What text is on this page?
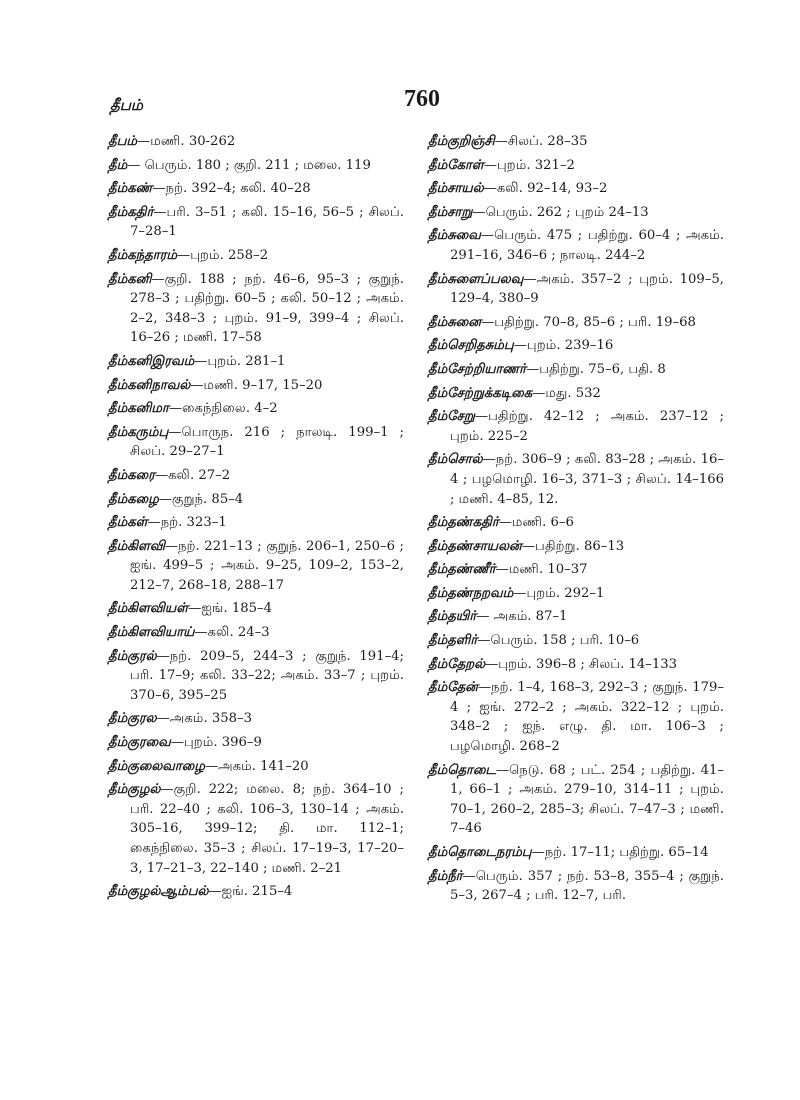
தீபம்	760
தீபம்—மணி. 30-262
தீம்— பெரும். 180 ; குறி. 211 ; மலை. 119
தீம்கண்—நற். 392–4; கலி. 40–28
தீம்கதிர்—பரி. 3–51 ; கலி. 15–16, 56–5 ; சிலப். 7–28–1
தீம்கந்தாரம்—புறம். 258–2
தீம்கனி—குறி. 188 ; நற். 46–6, 95–3 ; குறுந். 278–3 ; பதிற்று. 60–5 ; கலி. 50–12 ; அகம். 2–2, 348–3 ; புறம். 91–9, 399–4 ; சிலப். 16–26 ; மணி. 17–58
தீம்கனிஇரவம்—புறம். 281–1
தீம்கனிநாவல்—மணி. 9–17, 15–20
தீம்கனிமா—கைந்நிலை. 4–2
தீம்கரும்பு—பொருந. 216 ; நாலடி. 199–1 ; சிலப். 29–27–1
தீம்கரை—கலி. 27–2
தீம்கழை—குறுந். 85–4
தீம்கள்—நற். 323–1
தீம்கிளவி—நற். 221–13 ; குறுந். 206–1, 250–6 ; ஐங். 499–5 ; அகம். 9–25, 109–2, 153–2, 212–7, 268–18, 288–17
தீம்கிளவியள்—ஐங். 185–4
தீம்கிளவியாய்—கலி. 24–3
தீம்குரல்—நற். 209–5, 244–3 ; குறுந். 191–4; பரி. 17–9; கலி. 33–22; அகம். 33–7 ; புறம். 370–6, 395–25
தீம்குரல—அகம். 358–3
தீம்குரவை—புறம். 396–9
தீம்குலைவாழை—அகம். 141–20
தீம்குழல்—குறி. 222; மலை. 8; நற். 364–10 ; பரி. 22–40 ; கலி. 106–3, 130–14 ; அகம். 305–16, 399–12; தி. மா. 112–1; கைந்நிலை. 35–3 ; சிலப். 17–19–3, 17–20–3, 17–21–3, 22–140 ; மணி. 2–21
தீம்குழல்ஆம்பல்—ஐங். 215–4
தீம்குறிஞ்சி—சிலப். 28–35
தீம்கோள்—புறம். 321–2
தீம்சாயல்—கலி. 92–14, 93–2
தீம்சாறு—பெரும். 262 ; புறம் 24–13
தீம்சுவை—பெரும். 475 ; பதிற்று. 60–4 ; அகம். 291–16, 346–6 ; நாலடி. 244–2
தீம்சுளைப்பலவு—அகம். 357–2 ; புறம். 109–5, 129–4, 380–9
தீம்சுனை—பதிற்று. 70–8, 85–6 ; பரி. 19–68
தீம்செறிதசும்பு—புறம். 239–16
தீம்சேற்றியாணர்—பதிற்று. 75–6, பதி. 8
தீம்சேற்றுக்கடிகை—மது. 532
தீம்சேறு—பதிற்று. 42–12 ; அகம். 237–12 ; புறம். 225–2
தீம்சொல்—நற். 306–9 ; கலி. 83–28 ; அகம். 16–4 ; பழமொழி. 16–3, 371–3 ; சிலப். 14–166 ; மணி. 4–85, 12.
தீம்தண்கதிர்—மணி. 6–6
தீம்தண்சாயலன்—பதிற்று. 86–13
தீம்தண்ணீர்—மணி. 10–37
தீம்தண்நறவம்—புறம். 292–1
தீம்தயிர்— அகம். 87–1
தீம்தளிர்—பெரும். 158 ; பரி. 10–6
தீம்தேறல்—புறம். 396–8 ; சிலப். 14–133
தீம்தேன்—நற். 1–4, 168–3, 292–3 ; குறுந். 179–4 ; ஐங். 272–2 ; அகம். 322–12 ; புறம். 348–2 ; ஐந். எழு. தி. மா. 106–3 ; பழமொழி. 268–2
தீம்தொடை—நெடு. 68 ; பட். 254 ; பதிற்று. 41–1, 66–1 ; அகம். 279–10, 314–11 ; புறம். 70–1, 260–2, 285–3; சிலப். 7–47–3 ; மணி. 7–46
தீம்தொடைநரம்பு—நற். 17–11; பதிற்று. 65–14
தீம்நீர்—பெரும். 357 ; நற். 53–8, 355–4 ; குறுந். 5–3, 267–4 ; பரி. 12–7, பரி.
